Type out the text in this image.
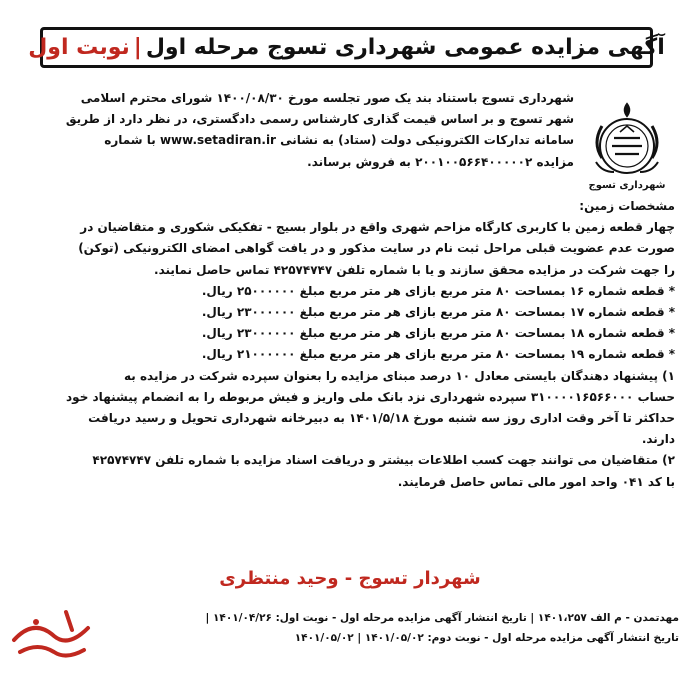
آگهی مزایده عمومی شهرداری تسوج مرحله اول
|
نوبت اول
شهرداری تسوج

شهرداری تسوج باستناد بند یک صور تجلسه مورخ ۱۴۰۰/۰۸/۳۰ شورای محترم اسلامی

شهر تسوج و بر اساس قیمت گذاری کارشناس رسمی دادگستری، در نظر دارد از طریق

سامانه تدارکات الکترونیکی دولت (ستاد) به نشانی www.setadiran.ir با شماره

مزایده ۲۰۰۱۰۰۵۶۶۴۰۰۰۰۰۲ به فروش برساند.

مشخصات زمین:

چهار قطعه زمین با کاربری کارگاه مزاحم شهری واقع در بلوار بسیج - تفکیکی شکوری و متقاضیان در

صورت عدم عضویت قبلی مراحل ثبت نام در سایت مذکور و در یافت گواهی امضای الکترونیکی (توکن)

را جهت شرکت در مزایده محقق سازند و یا با شماره تلفن ۴۲۵۷۴۷۴۷ تماس حاصل نمایند.

* قطعه شماره ۱۶ بمساحت ۸۰ متر مربع بازای هر متر مربع مبلغ ۲۵۰۰۰۰۰۰ ریال.

* قطعه شماره ۱۷ بمساحت ۸۰ متر مربع بازای هر متر مربع مبلغ ۲۳۰۰۰۰۰۰ ریال.

* قطعه شماره ۱۸ بمساحت ۸۰ متر مربع بازای هر متر مربع مبلغ ۲۳۰۰۰۰۰۰ ریال.

* قطعه شماره ۱۹ بمساحت ۸۰ متر مربع بازای هر متر مربع مبلغ ۲۱۰۰۰۰۰۰ ریال.

۱) پیشنهاد دهندگان بایستی معادل ۱۰ درصد مبنای مزایده را بعنوان سپرده شرکت در مزایده به

حساب ۳۱۰۰۰۰۱۶۵۶۶۰۰۰ سپرده شهرداری نزد بانک ملی واریز و فیش مربوطه را به انضمام پیشنهاد خود

حداکثر تا آخر وقت اداری روز سه شنبه مورخ ۱۴۰۱/۵/۱۸ به دبیرخانه شهرداری تحویل و رسید دریافت

دارند.

۲) متقاضیان می توانند جهت کسب اطلاعات بیشتر و دریافت اسناد مزایده با شماره تلفن ۴۲۵۷۴۷۴۷

با کد ۰۴۱ واحد امور مالی تماس حاصل فرمایند.

شهردار تسوج - وحید منتظری

مهدتمدن - م الف ۱۴۰۱،۲۵۷ | تاریخ انتشار آگهی مزایده مرحله اول - نوبت اول: ۱۴۰۱/۰۴/۲۶ |

تاریخ انتشار آگهی مزایده مرحله اول - نوبت دوم: ۱۴۰۱/۰۵/۰۲ | ۱۴۰۱/۰۵/۰۲
